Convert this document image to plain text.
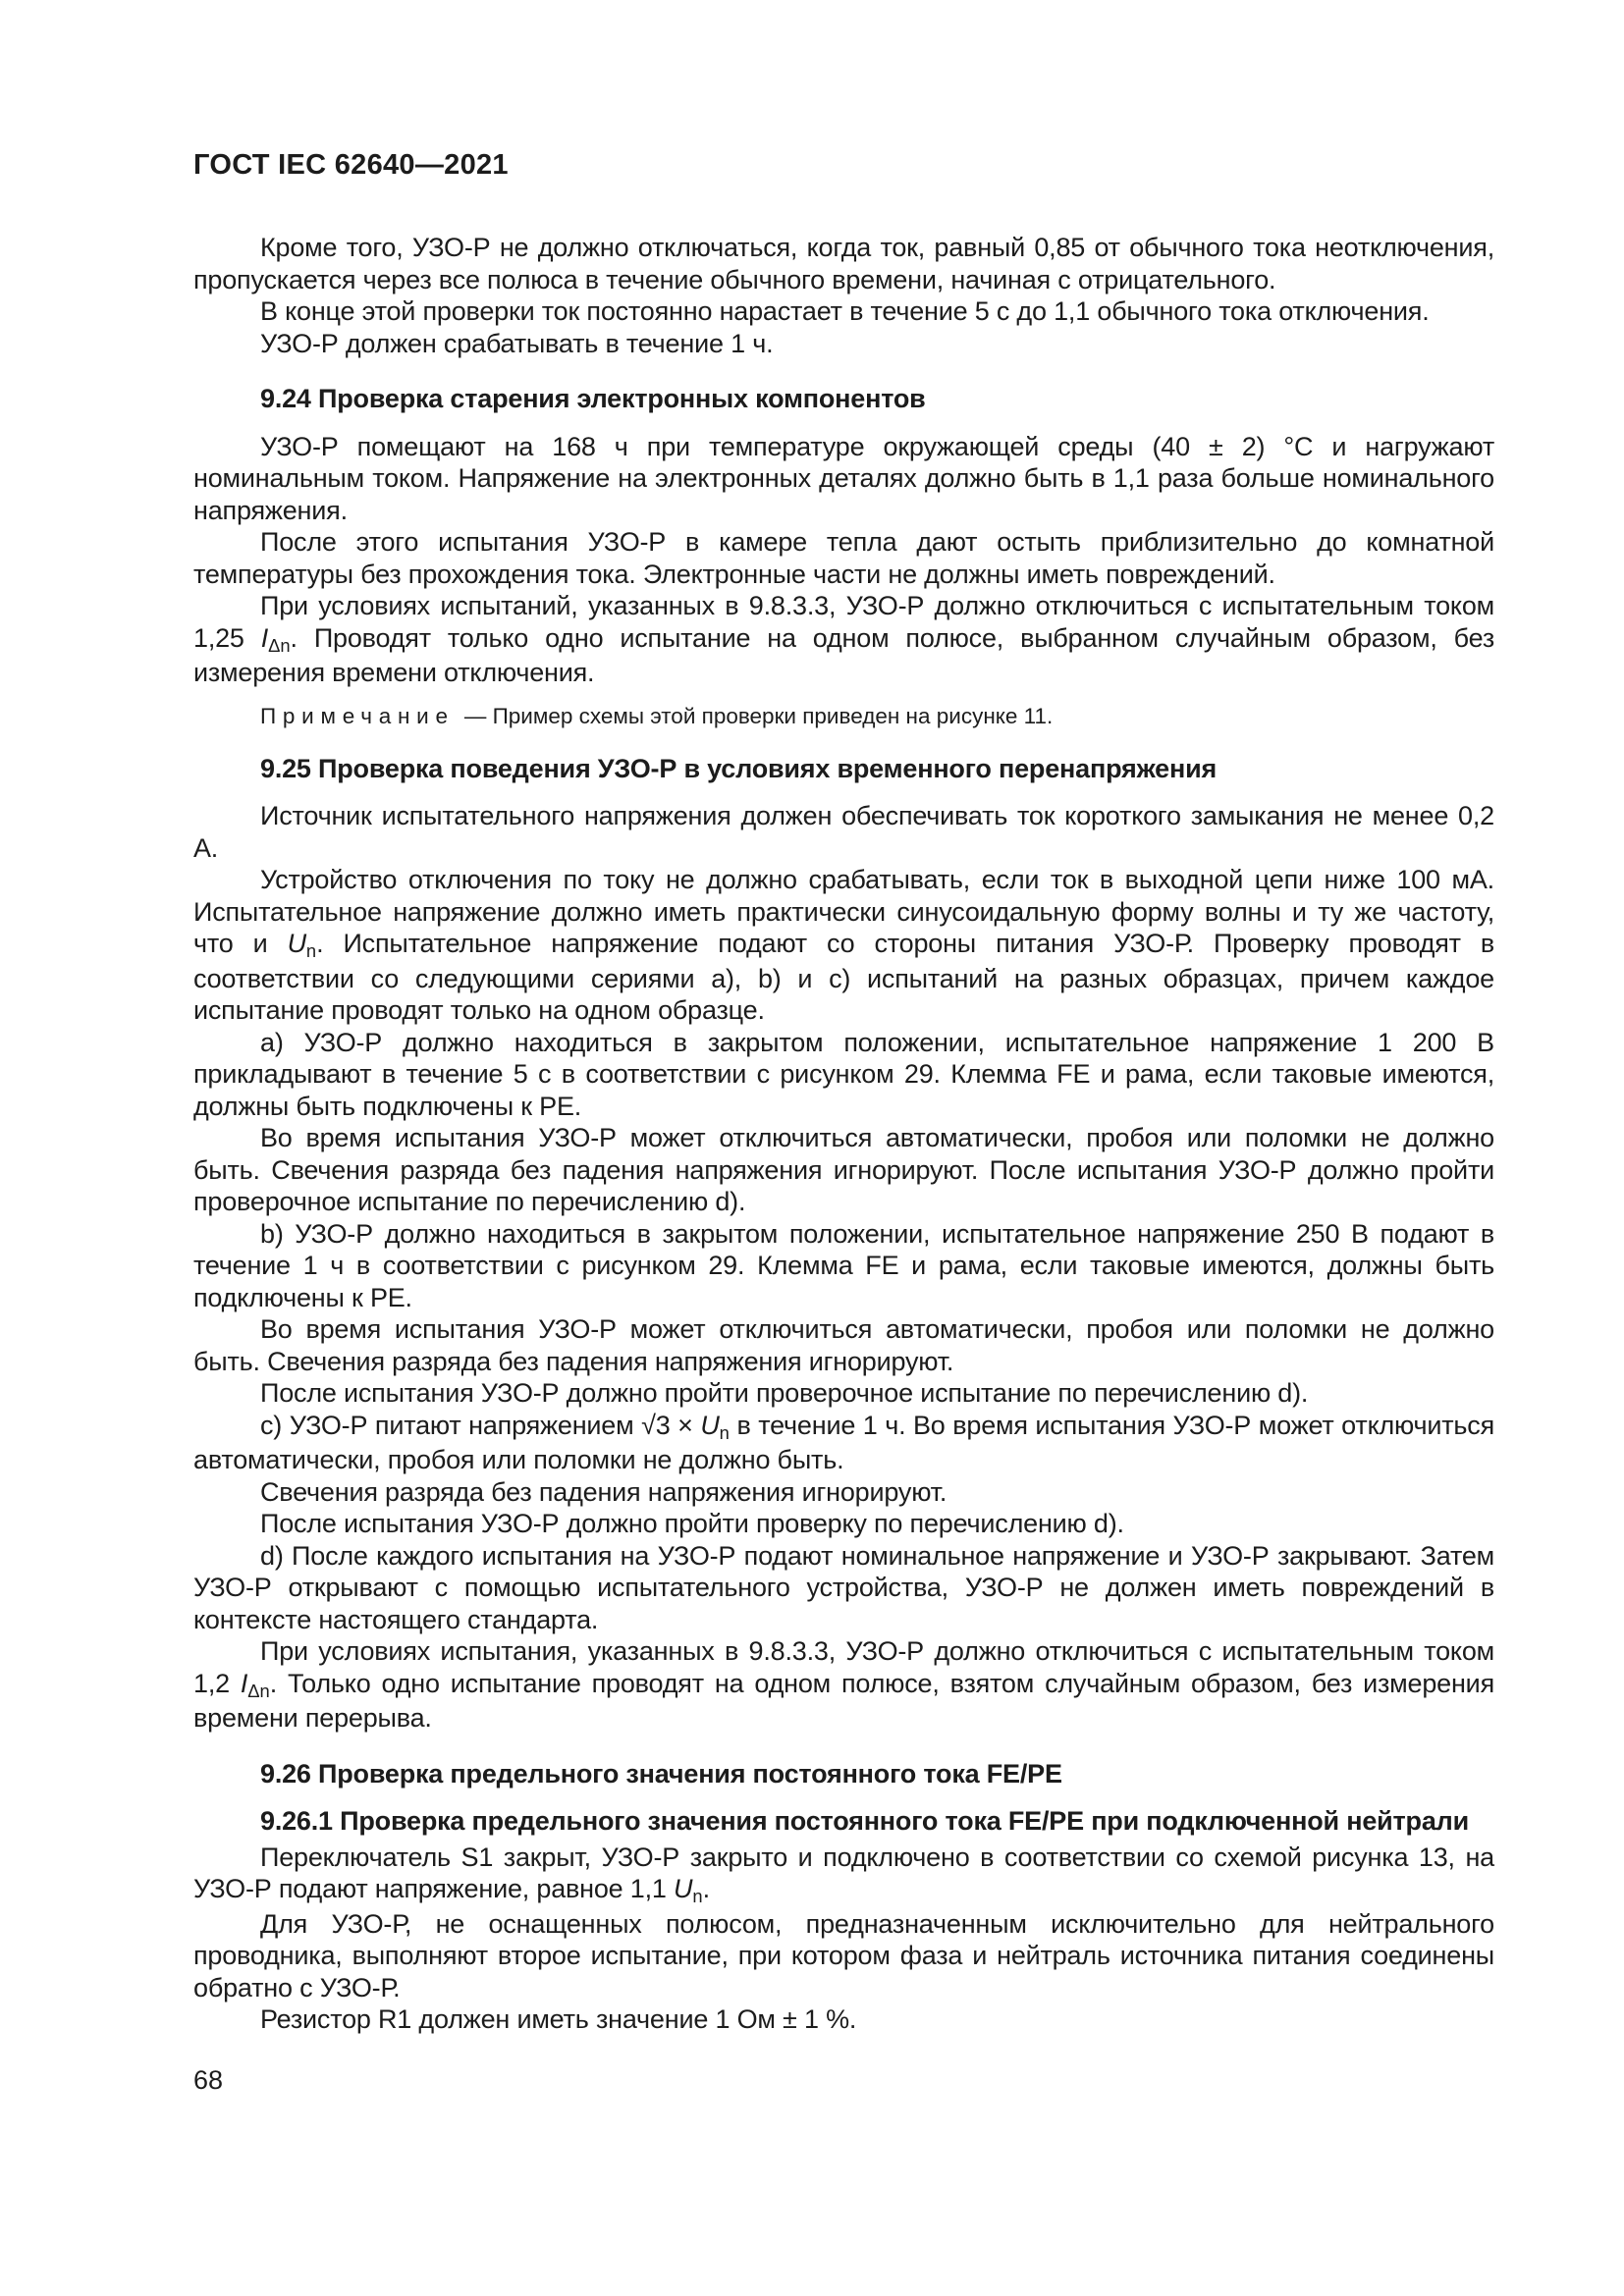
ГОСТ IEC 62640—2021

Кроме того, УЗО-Р не должно отключаться, когда ток, равный 0,85 от обычного тока неотключения, пропускается через все полюса в течение обычного времени, начиная с отрицательного.

В конце этой проверки ток постоянно нарастает в течение 5 с до 1,1 обычного тока отключения.

УЗО-Р должен срабатывать в течение 1 ч.

9.24 Проверка старения электронных компонентов

УЗО-Р помещают на 168 ч при температуре окружающей среды (40 ± 2) °C и нагружают номинальным током. Напряжение на электронных деталях должно быть в 1,1 раза больше номинального напряжения.

После этого испытания УЗО-Р в камере тепла дают остыть приблизительно до комнатной температуры без прохождения тока. Электронные части не должны иметь повреждений.

При условиях испытаний, указанных в 9.8.3.3, УЗО-Р должно отключиться с испытательным током 1,25 IΔn. Проводят только одно испытание на одном полюсе, выбранном случайным образом, без измерения времени отключения.

Примечание — Пример схемы этой проверки приведен на рисунке 11.
9.25 Проверка поведения УЗО-Р в условиях временного перенапряжения

Источник испытательного напряжения должен обеспечивать ток короткого замыкания не менее 0,2 А.

Устройство отключения по току не должно срабатывать, если ток в выходной цепи ниже 100 мА. Испытательное напряжение должно иметь практически синусоидальную форму волны и ту же частоту, что и Un. Испытательное напряжение подают со стороны питания УЗО-Р. Проверку проводят в соответствии со следующими сериями a), b) и c) испытаний на разных образцах, причем каждое испытание проводят только на одном образце.

a) УЗО-Р должно находиться в закрытом положении, испытательное напряжение 1 200 В прикладывают в течение 5 с в соответствии с рисунком 29. Клемма FE и рама, если таковые имеются, должны быть подключены к PE.

Во время испытания УЗО-Р может отключиться автоматически, пробоя или поломки не должно быть. Свечения разряда без падения напряжения игнорируют. После испытания УЗО-Р должно пройти проверочное испытание по перечислению d).

b) УЗО-Р должно находиться в закрытом положении, испытательное напряжение 250 В подают в течение 1 ч в соответствии с рисунком 29. Клемма FE и рама, если таковые имеются, должны быть подключены к PE.

Во время испытания УЗО-Р может отключиться автоматически, пробоя или поломки не должно быть. Свечения разряда без падения напряжения игнорируют.

После испытания УЗО-Р должно пройти проверочное испытание по перечислению d).

c) УЗО-Р питают напряжением √3 × Un в течение 1 ч. Во время испытания УЗО-Р может отключиться автоматически, пробоя или поломки не должно быть.

Свечения разряда без падения напряжения игнорируют.

После испытания УЗО-Р должно пройти проверку по перечислению d).

d) После каждого испытания на УЗО-Р подают номинальное напряжение и УЗО-Р закрывают. Затем УЗО-Р открывают с помощью испытательного устройства, УЗО-Р не должен иметь повреждений в контексте настоящего стандарта.

При условиях испытания, указанных в 9.8.3.3, УЗО-Р должно отключиться с испытательным током 1,2 IΔn. Только одно испытание проводят на одном полюсе, взятом случайным образом, без измерения времени перерыва.

9.26 Проверка предельного значения постоянного тока FE/PE
9.26.1 Проверка предельного значения постоянного тока FE/PE при подключенной нейтрали

Переключатель S1 закрыт, УЗО-Р закрыто и подключено в соответствии со схемой рисунка 13, на УЗО-Р подают напряжение, равное 1,1 Un.

Для УЗО-Р, не оснащенных полюсом, предназначенным исключительно для нейтрального проводника, выполняют второе испытание, при котором фаза и нейтраль источника питания соединены обратно с УЗО-Р.

Резистор R1 должен иметь значение 1 Ом ± 1 %.

68
